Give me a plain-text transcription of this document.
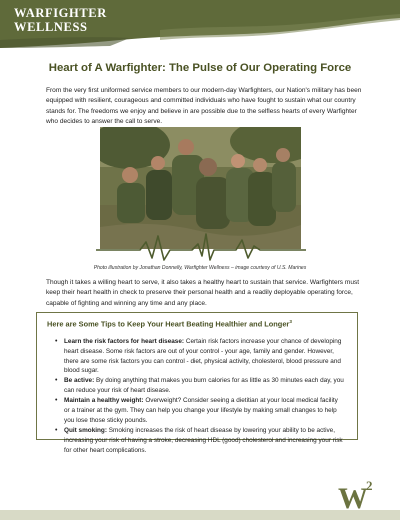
WARFIGHTER
WELLNESS
Heart of A Warfighter: The Pulse of Our Operating Force

From the very first uniformed service members to our modern-day Warfighters, our Nation's military has been equipped with resilient, courageous and committed individuals who have fought to sustain what our country stands for. The freedoms we enjoy and believe in are possible due to the selfless hearts of every Warfighter who decides to answer the call to serve.

Photo illustration by Jonathan Donnelly, Warfighter Wellness – image courtesy of U.S. Marines

Though it takes a willing heart to serve, it also takes a healthy heart to sustain that service. Warfighters must keep their heart health in check to preserve their personal health and a readily deployable operating force, capable of fighting and winning any time and any place.

Here are Some Tips to Keep Your Heart Beating Healthier and Longer$^3$
• Learn the risk factors for heart disease: Certain risk factors increase your chance of developing heart disease. Some risk factors are out of your control - your age, family and gender. However, there are some risk factors you can control - diet, physical activity, cholesterol, blood pressure and blood sugar.
• Be active: By doing anything that makes you burn calories for as little as 30 minutes each day, you can reduce your risk of heart disease.
• Maintain a healthy weight: Overweight? Consider seeing a dietitian at your local medical facility or a trainer at the gym. They can help you change your lifestyle by making small changes to help you lose those sticky pounds.
• Quit smoking: Smoking increases the risk of heart disease by lowering your ability to be active, increasing your risk of having a stroke, decreasing HDL (good) cholesterol and increasing your risk for other heart complications.
W
2
